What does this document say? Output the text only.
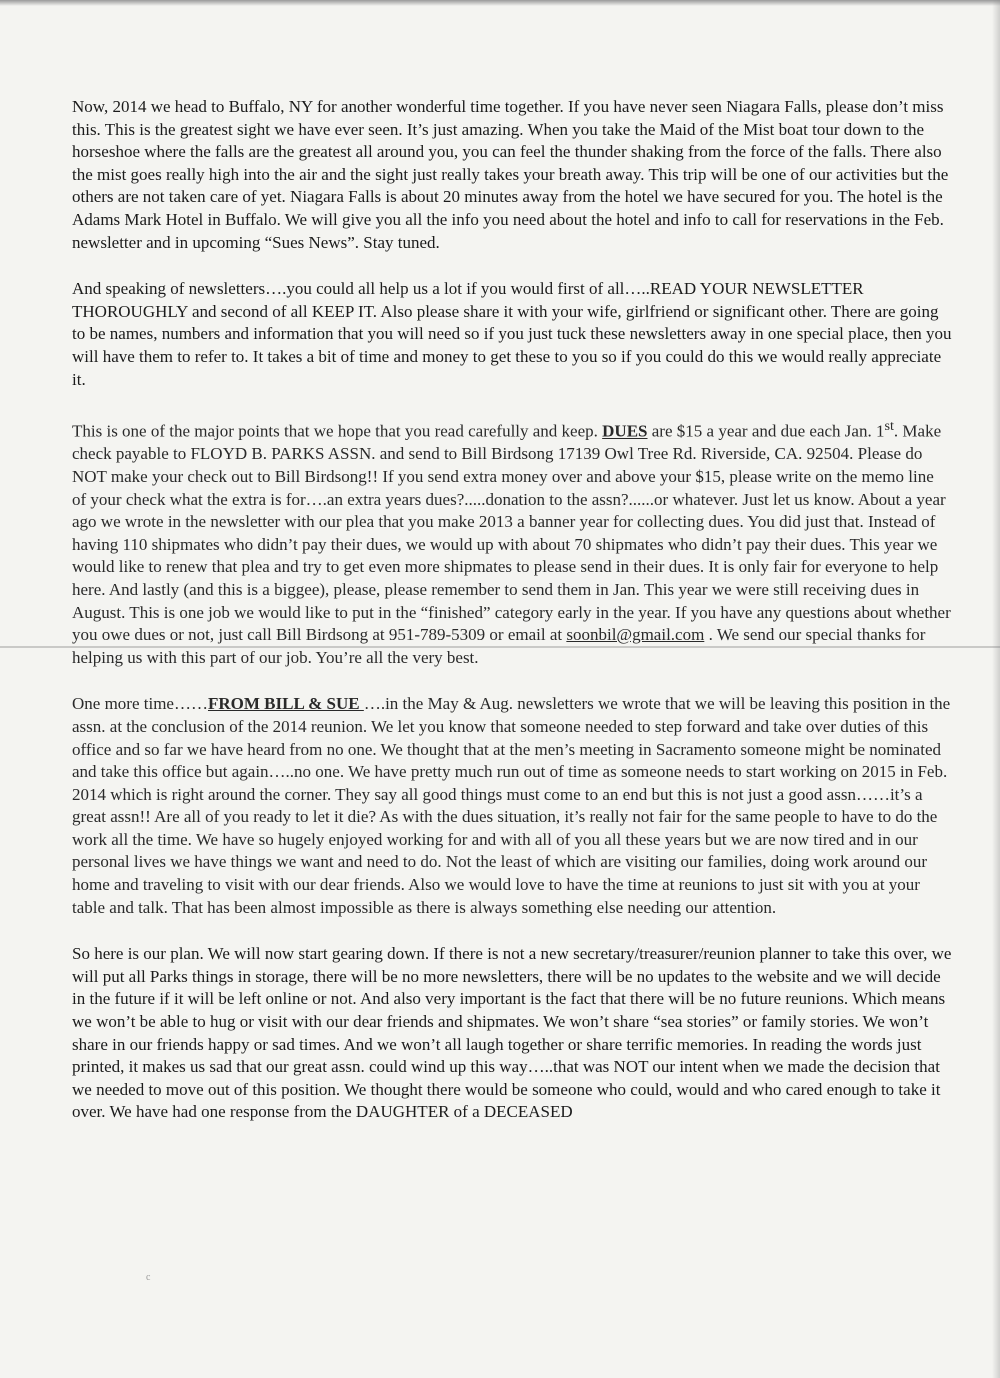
Now, 2014 we head to Buffalo, NY for another wonderful time together. If you have never seen Niagara Falls, please don’t miss this. This is the greatest sight we have ever seen. It’s just amazing. When you take the Maid of the Mist boat tour down to the horseshoe where the falls are the greatest all around you, you can feel the thunder shaking from the force of the falls. There also the mist goes really high into the air and the sight just really takes your breath away. This trip will be one of our activities but the others are not taken care of yet. Niagara Falls is about 20 minutes away from the hotel we have secured for you. The hotel is the Adams Mark Hotel in Buffalo. We will give you all the info you need about the hotel and info to call for reservations in the Feb. newsletter and in upcoming “Sues News”. Stay tuned.

And speaking of newsletters….you could all help us a lot if you would first of all…..READ YOUR NEWSLETTER THOROUGHLY and second of all KEEP IT. Also please share it with your wife, girlfriend or significant other. There are going to be names, numbers and information that you will need so if you just tuck these newsletters away in one special place, then you will have them to refer to. It takes a bit of time and money to get these to you so if you could do this we would really appreciate it.

This is one of the major points that we hope that you read carefully and keep. DUES are $15 a year and due each Jan. 1st. Make check payable to FLOYD B. PARKS ASSN. and send to Bill Birdsong 17139 Owl Tree Rd. Riverside, CA. 92504. Please do NOT make your check out to Bill Birdsong!! If you send extra money over and above your $15, please write on the memo line of your check what the extra is for….an extra years dues?.....donation to the assn?......or whatever. Just let us know. About a year ago we wrote in the newsletter with our plea that you make 2013 a banner year for collecting dues. You did just that. Instead of having 110 shipmates who didn’t pay their dues, we would up with about 70 shipmates who didn’t pay their dues. This year we would like to renew that plea and try to get even more shipmates to please send in their dues. It is only fair for everyone to help here. And lastly (and this is a biggee), please, please remember to send them in Jan. This year we were still receiving dues in August. This is one job we would like to put in the “finished” category early in the year. If you have any questions about whether you owe dues or not, just call Bill Birdsong at 951-789-5309 or email at soonbil@gmail.com . We send our special thanks for helping us with this part of our job. You’re all the very best.

One more time……FROM BILL & SUE ….in the May & Aug. newsletters we wrote that we will be leaving this position in the assn. at the conclusion of the 2014 reunion. We let you know that someone needed to step forward and take over duties of this office and so far we have heard from no one. We thought that at the men’s meeting in Sacramento someone might be nominated and take this office but again…..no one. We have pretty much run out of time as someone needs to start working on 2015 in Feb. 2014 which is right around the corner. They say all good things must come to an end but this is not just a good assn……it’s a great assn!! Are all of you ready to let it die? As with the dues situation, it’s really not fair for the same people to have to do the work all the time. We have so hugely enjoyed working for and with all of you all these years but we are now tired and in our personal lives we have things we want and need to do. Not the least of which are visiting our families, doing work around our home and traveling to visit with our dear friends. Also we would love to have the time at reunions to just sit with you at your table and talk. That has been almost impossible as there is always something else needing our attention.

So here is our plan. We will now start gearing down. If there is not a new secretary/treasurer/reunion planner to take this over, we will put all Parks things in storage, there will be no more newsletters, there will be no updates to the website and we will decide in the future if it will be left online or not. And also very important is the fact that there will be no future reunions. Which means we won’t be able to hug or visit with our dear friends and shipmates. We won’t share “sea stories” or family stories. We won’t share in our friends happy or sad times. And we won’t all laugh together or share terrific memories. In reading the words just printed, it makes us sad that our great assn. could wind up this way…..that was NOT our intent when we made the decision that we needed to move out of this position. We thought there would be someone who could, would and who cared enough to take it over. We have had one response from the DAUGHTER of a DECEASED

c
